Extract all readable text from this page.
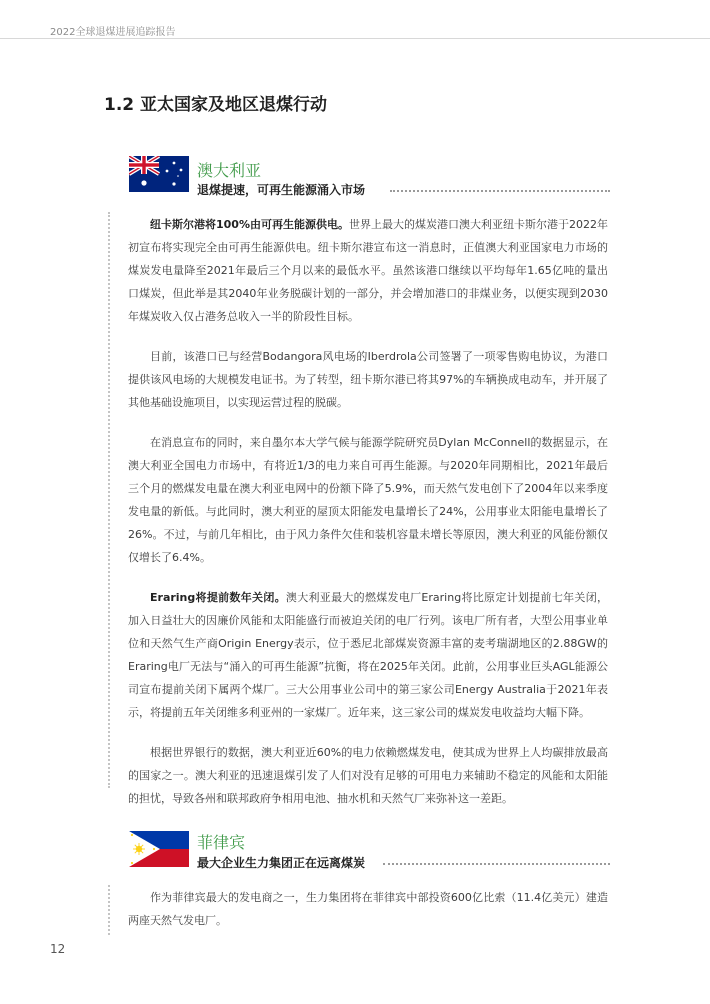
2022全球退煤进展追踪报告
1.2 亚太国家及地区退煤行动
澳大利亚
退煤提速，可再生能源涌入市场

纽卡斯尔港将100%由可再生能源供电。世界上最大的煤炭港口澳大利亚纽卡斯尔港于2022年初宣布将实现完全由可再生能源供电。纽卡斯尔港宣布这一消息时，正值澳大利亚国家电力市场的煤炭发电量降至2021年最后三个月以来的最低水平。虽然该港口继续以平均每年1.65亿吨的量出口煤炭，但此举是其2040年业务脱碳计划的一部分，并会增加港口的非煤业务，以便实现到2030年煤炭收入仅占港务总收入一半的阶段性目标。

目前，该港口已与经营Bodangora风电场的Iberdrola公司签署了一项零售购电协议，为港口提供该风电场的大规模发电证书。为了转型，纽卡斯尔港已将其97%的车辆换成电动车，并开展了其他基础设施项目，以实现运营过程的脱碳。

在消息宣布的同时，来自墨尔本大学气候与能源学院研究员Dylan McConnell的数据显示，在澳大利亚全国电力市场中，有将近1/3的电力来自可再生能源。与2020年同期相比，2021年最后三个月的燃煤发电量在澳大利亚电网中的份额下降了5.9%，而天然气发电创下了2004年以来季度发电量的新低。与此同时，澳大利亚的屋顶太阳能发电量增长了24%，公用事业太阳能电量增长了26%。不过，与前几年相比，由于风力条件欠佳和装机容量未增长等原因，澳大利亚的风能份额仅仅增长了6.4%。

Eraring将提前数年关闭。澳大利亚最大的燃煤发电厂Eraring将比原定计划提前七年关闭，加入日益壮大的因廉价风能和太阳能盛行而被迫关闭的电厂行列。该电厂所有者，大型公用事业单位和天然气生产商Origin Energy表示，位于悉尼北部煤炭资源丰富的麦考瑞湖地区的2.88GW的Eraring电厂无法与“涌入的可再生能源”抗衡，将在2025年关闭。此前，公用事业巨头AGL能源公司宣布提前关闭下属两个煤厂。三大公用事业公司中的第三家公司Energy Australia于2021年表示，将提前五年关闭维多利亚州的一家煤厂。近年来，这三家公司的煤炭发电收益均大幅下降。

根据世界银行的数据，澳大利亚近60%的电力依赖燃煤发电，使其成为世界上人均碳排放最高的国家之一。澳大利亚的迅速退煤引发了人们对没有足够的可用电力来辅助不稳定的风能和太阳能的担忧，导致各州和联邦政府争相用电池、抽水机和天然气厂来弥补这一差距。

菲律宾
最大企业生力集团正在远离煤炭

作为菲律宾最大的发电商之一，生力集团将在菲律宾中部投资600亿比索（11.4亿美元）建造两座天然气发电厂。

12
